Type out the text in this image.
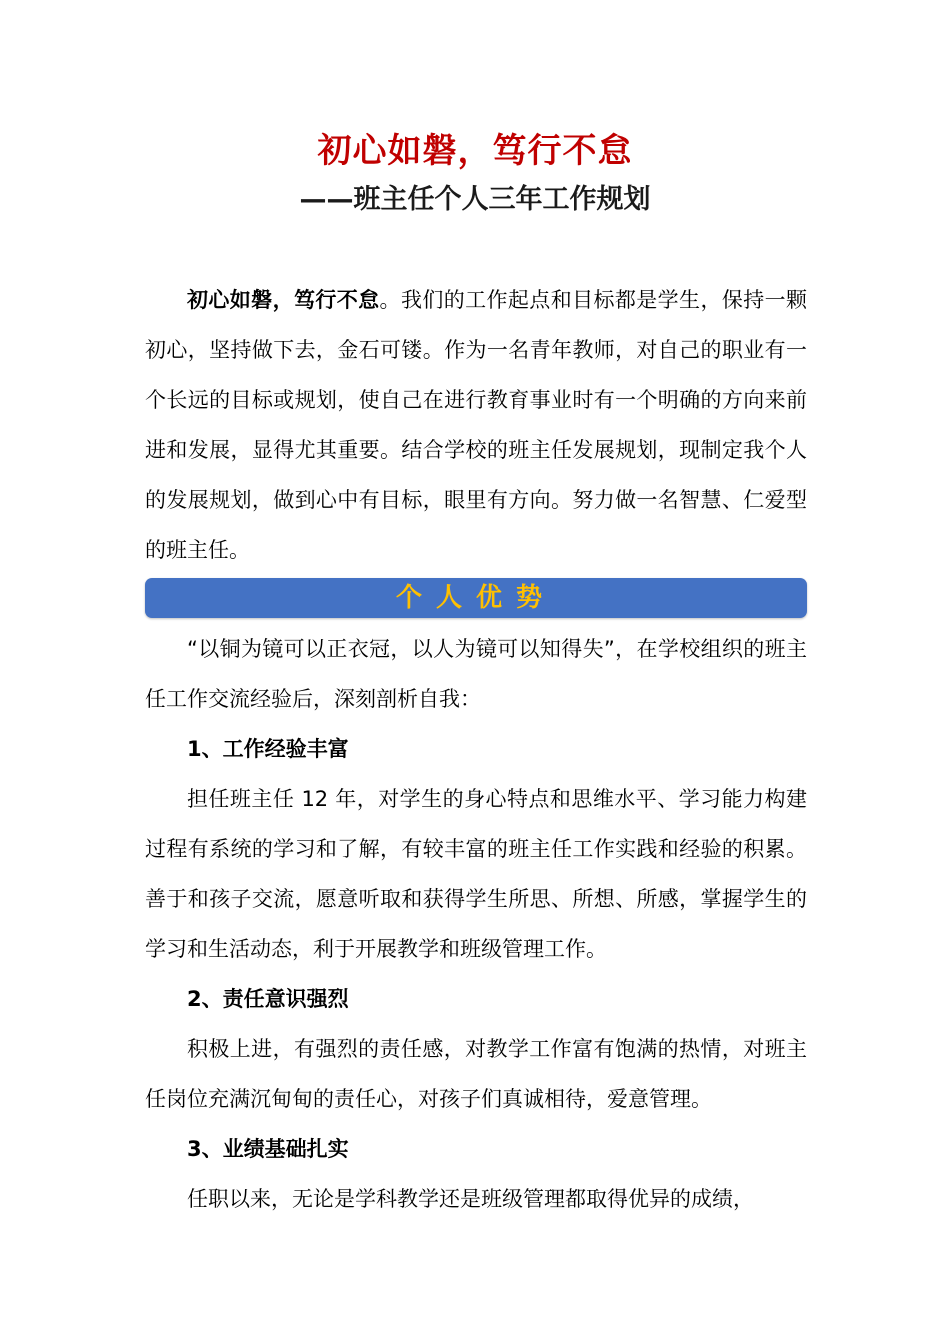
初心如磐，笃行不怠
——班主任个人三年工作规划

初心如磐，笃行不怠。我们的工作起点和目标都是学生，保持一颗初心，坚持做下去，金石可镂。作为一名青年教师，对自己的职业有一个长远的目标或规划，使自己在进行教育事业时有一个明确的方向来前进和发展，显得尤其重要。结合学校的班主任发展规划，现制定我个人的发展规划，做到心中有目标，眼里有方向。努力做一名智慧、仁爱型的班主任。

个人优势

“以铜为镜可以正衣冠，以人为镜可以知得失”，在学校组织的班主任工作交流经验后，深刻剖析自我：

1、工作经验丰富

担任班主任 12 年，对学生的身心特点和思维水平、学习能力构建过程有系统的学习和了解，有较丰富的班主任工作实践和经验的积累。善于和孩子交流，愿意听取和获得学生所思、所想、所感，掌握学生的学习和生活动态，利于开展教学和班级管理工作。

2、责任意识强烈

积极上进，有强烈的责任感，对教学工作富有饱满的热情，对班主任岗位充满沉甸甸的责任心，对孩子们真诚相待，爱意管理。

3、业绩基础扎实

任职以来，无论是学科教学还是班级管理都取得优异的成绩，
